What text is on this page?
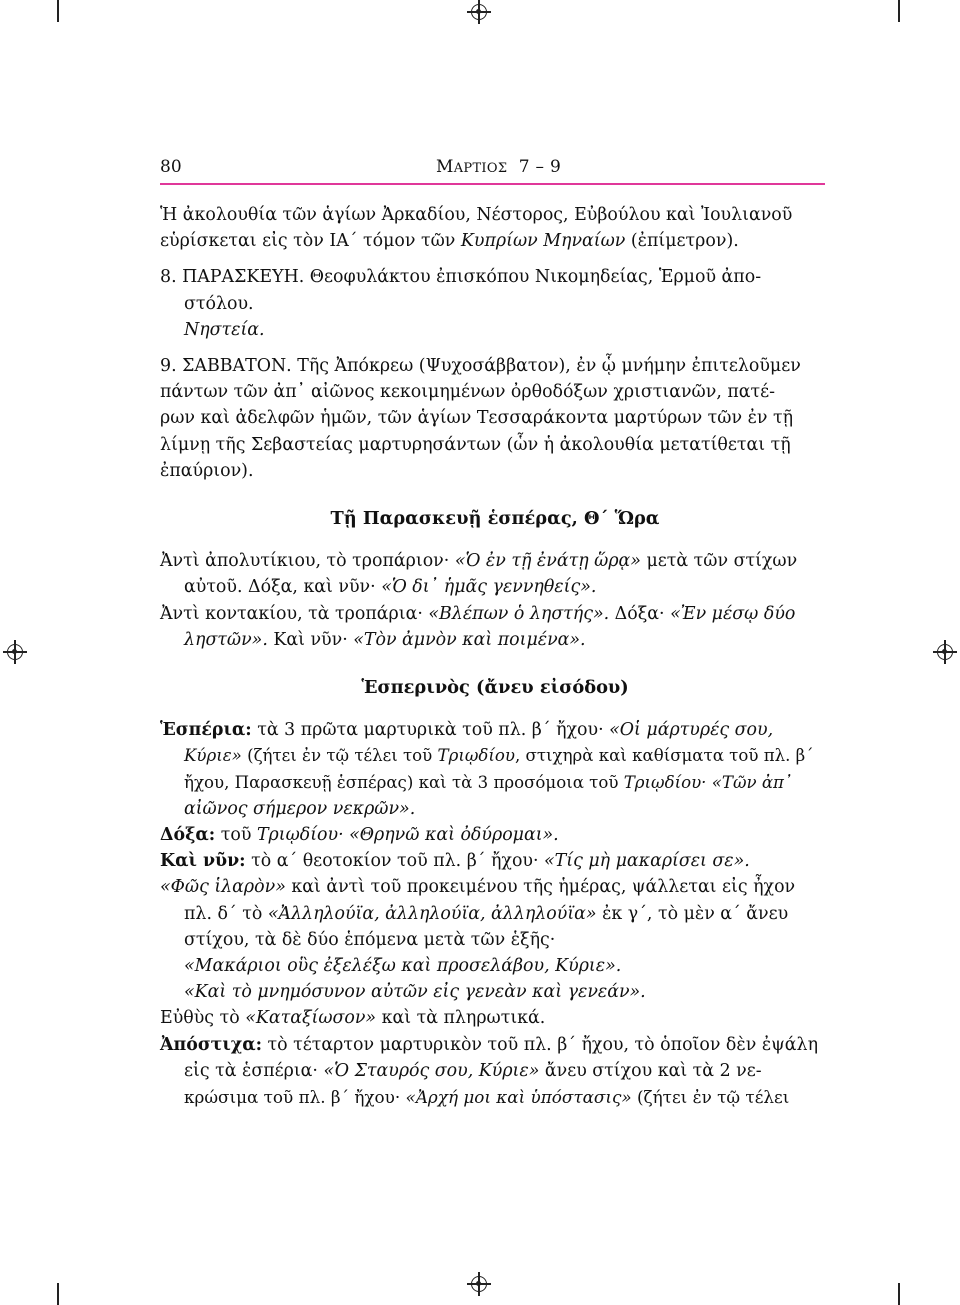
80	MΑΡΤΙΟΣ 7 – 9

Ἡ ἀκολουθία τῶν ἁγίων Ἀρκαδίου, Νέστορος, Εὐβούλου καὶ Ἰουλιανοῦ

εὑρίσκεται εἰς τὸν ΙΑ΄ τόμον τῶν Κυπρίων Μηναίων (ἐπίμετρον).

8. ΠΑΡΑΣΚΕΥΗ. Θεοφυλάκτου ἐπισκόπου Νικομηδείας, Ἑρμοῦ ἀπο-

στόλου.

Νηστεία.

9. ΣΑΒΒΑΤΟΝ. Τῆς Ἀπόκρεω (Ψυχοσάββατον), ἐν ᾧ μνήμην ἐπιτελοῦμεν

πάντων τῶν ἀπ᾽ αἰῶνος κεκοιμημένων ὀρθοδόξων χριστιανῶν, πατέ-

ρων καὶ ἀδελφῶν ἡμῶν, τῶν ἁγίων Τεσσαράκοντα μαρτύρων τῶν ἐν τῇ

λίμνῃ τῆς Σεβαστείας μαρτυρησάντων (ὧν ἡ ἀκολουθία μετατίθεται τῇ

ἐπαύριον).

Τῇ Παρασκευῇ ἑσπέρας, Θ΄ Ὥρα

Ἀντὶ ἀπολυτίκιου, τὸ τροπάριον· «Ὁ ἐν τῇ ἐνάτῃ ὥρᾳ» μετὰ τῶν στίχων

αὐτοῦ. Δόξα, καὶ νῦν· «Ὁ δι᾽ ἡμᾶς γεννηθείς».

Ἀντὶ κοντακίου, τὰ τροπάρια· «Βλέπων ὁ ληστής». Δόξα· «Ἐν μέσῳ δύο

ληστῶν». Καὶ νῦν· «Τὸν ἀμνὸν καὶ ποιμένα».

Ἑσπερινὸς (ἄνευ εἰσόδου)

Ἑσπέρια: τὰ 3 πρῶτα μαρτυρικὰ τοῦ πλ. β΄ ἤχου· «Οἱ μάρτυρές σου,

Κύριε» (ζήτει ἐν τῷ τέλει τοῦ Τριῳδίου, στιχηρὰ καὶ καθίσματα τοῦ πλ. β΄

ἤχου, Παρασκευῇ ἑσπέρας) καὶ τὰ 3 προσόμοια τοῦ Τριῳδίου· «Τῶν ἀπ᾽

αἰῶνος σήμερον νεκρῶν».

Δόξα: τοῦ Τριῳδίου· «Θρηνῶ καὶ ὀδύρομαι».

Καὶ νῦν: τὸ α΄ θεοτοκίον τοῦ πλ. β΄ ἤχου· «Τίς μὴ μακαρίσει σε».

«Φῶς ἱλαρὸν» καὶ ἀντὶ τοῦ προκειμένου τῆς ἡμέρας, ψάλλεται εἰς ἦχον

πλ. δ΄ τὸ «Ἀλληλούϊα, ἀλληλούϊα, ἀλληλούϊα» ἐκ γ΄, τὸ μὲν α΄ ἄνευ

στίχου, τὰ δὲ δύο ἑπόμενα μετὰ τῶν ἑξῆς·

«Μακάριοι οὓς ἐξελέξω καὶ προσελάβου, Κύριε».

«Καὶ τὸ μνημόσυνον αὐτῶν εἰς γενεὰν καὶ γενεάν».

Εὐθὺς τὸ «Καταξίωσον» καὶ τὰ πληρωτικά.

Ἀπόστιχα: τὸ τέταρτον μαρτυρικὸν τοῦ πλ. β΄ ἤχου, τὸ ὁποῖον δὲν ἐψάλη

εἰς τὰ ἑσπέρια· «Ὁ Σταυρός σου, Κύριε» ἄνευ στίχου καὶ τὰ 2 νε-

κρώσιμα τοῦ πλ. β΄ ἤχου· «Ἀρχή μοι καὶ ὑπόστασις» (ζήτει ἐν τῷ τέλει
